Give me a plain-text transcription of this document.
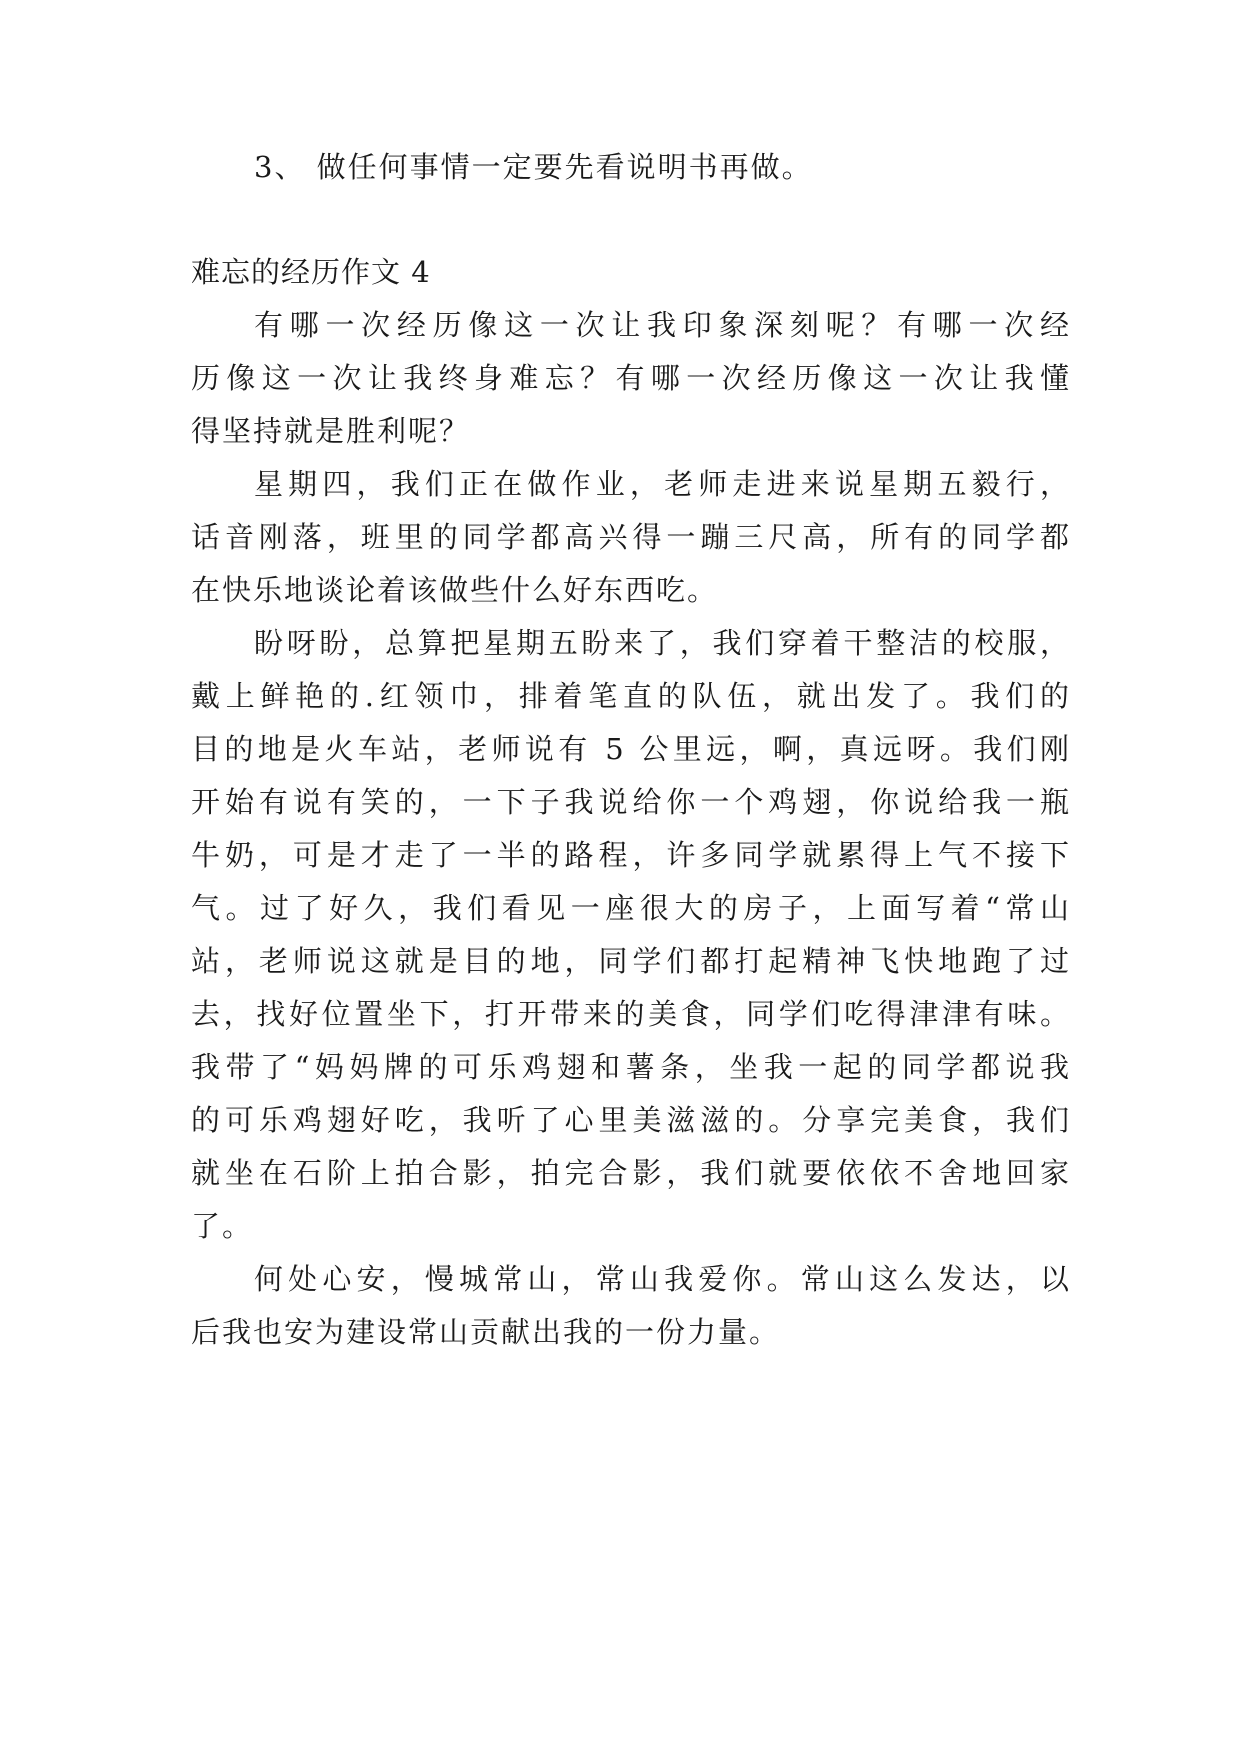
3、 做任何事情一定要先看说明书再做。

难忘的经历作文 4

有哪一次经历像这一次让我印象深刻呢？有哪一次经

历像这一次让我终身难忘？有哪一次经历像这一次让我懂

得坚持就是胜利呢？

星期四，我们正在做作业，老师走进来说星期五毅行，

话音刚落，班里的同学都高兴得一蹦三尺高，所有的同学都

在快乐地谈论着该做些什么好东西吃。

盼呀盼，总算把星期五盼来了，我们穿着干整洁的校服，

戴上鲜艳的.红领巾，排着笔直的队伍，就出发了。我们的

目的地是火车站，老师说有 5 公里远，啊，真远呀。我们刚

开始有说有笑的，一下子我说给你一个鸡翅，你说给我一瓶

牛奶，可是才走了一半的路程，许多同学就累得上气不接下

气。过了好久，我们看见一座很大的房子，上面写着“常山

站，老师说这就是目的地，同学们都打起精神飞快地跑了过

去，找好位置坐下，打开带来的美食，同学们吃得津津有味。

我带了“妈妈牌的可乐鸡翅和薯条，坐我一起的同学都说我

的可乐鸡翅好吃，我听了心里美滋滋的。分享完美食，我们

就坐在石阶上拍合影，拍完合影，我们就要依依不舍地回家

了。

何处心安，慢城常山，常山我爱你。常山这么发达，以

后我也安为建设常山贡献出我的一份力量。
